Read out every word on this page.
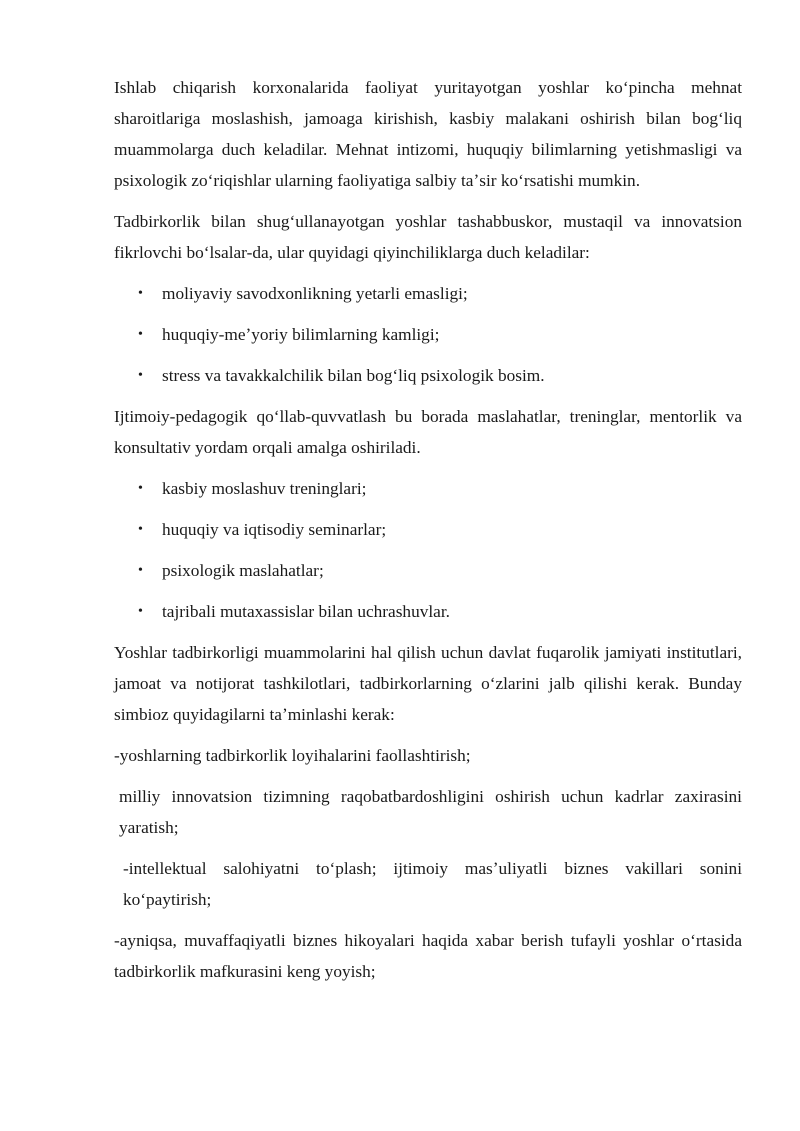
Ishlab chiqarish korxonalarida faoliyat yuritayotgan yoshlar koʻpincha mehnat sharoitlariga moslashish, jamoaga kirishish, kasbiy malakani oshirish bilan bogʻliq muammolarga duch keladilar. Mehnat intizomi, huquqiy bilimlarning yetishmasligi va psixologik zoʻriqishlar ularning faoliyatiga salbiy taʼsir koʻrsatishi mumkin.

Tadbirkorlik bilan shugʻullanayotgan yoshlar tashabbuskor, mustaqil va innovatsion fikrlovchi boʻlsalar-da, ular quyidagi qiyinchiliklarga duch keladilar:

• moliyaviy savodxonlikning yetarli emasligi;
• huquqiy-meʼyoriy bilimlarning kamligi;
• stress va tavakkalchilik bilan bogʻliq psixologik bosim.

Ijtimoiy-pedagogik qoʻllab-quvvatlash bu borada maslahatlar, treninglar, mentorlik va konsultativ yordam orqali amalga oshiriladi.

• kasbiy moslashuv treninglari;
• huquqiy va iqtisodiy seminarlar;
• psixologik maslahatlar;
• tajribali mutaxassislar bilan uchrashuvlar.

Yoshlar tadbirkorligi muammolarini hal qilish uchun davlat fuqarolik jamiyati institutlari, jamoat va notijorat tashkilotlari, tadbirkorlarning oʻzlarini jalb qilishi kerak. Bunday simbioz quyidagilarni taʼminlashi kerak:

-yoshlarning tadbirkorlik loyihalarini faollashtirish;

milliy innovatsion tizimning raqobatbardoshligini oshirish uchun kadrlar zaxirasini yaratish;

-intellektual salohiyatni toʻplash; ijtimoiy masʼuliyatli biznes vakillari sonini koʻpaytirish;

-ayniqsa, muvaffaqiyatli biznes hikoyalari haqida xabar berish tufayli yoshlar oʻrtasida tadbirkorlik mafkurasini keng yoyish;
